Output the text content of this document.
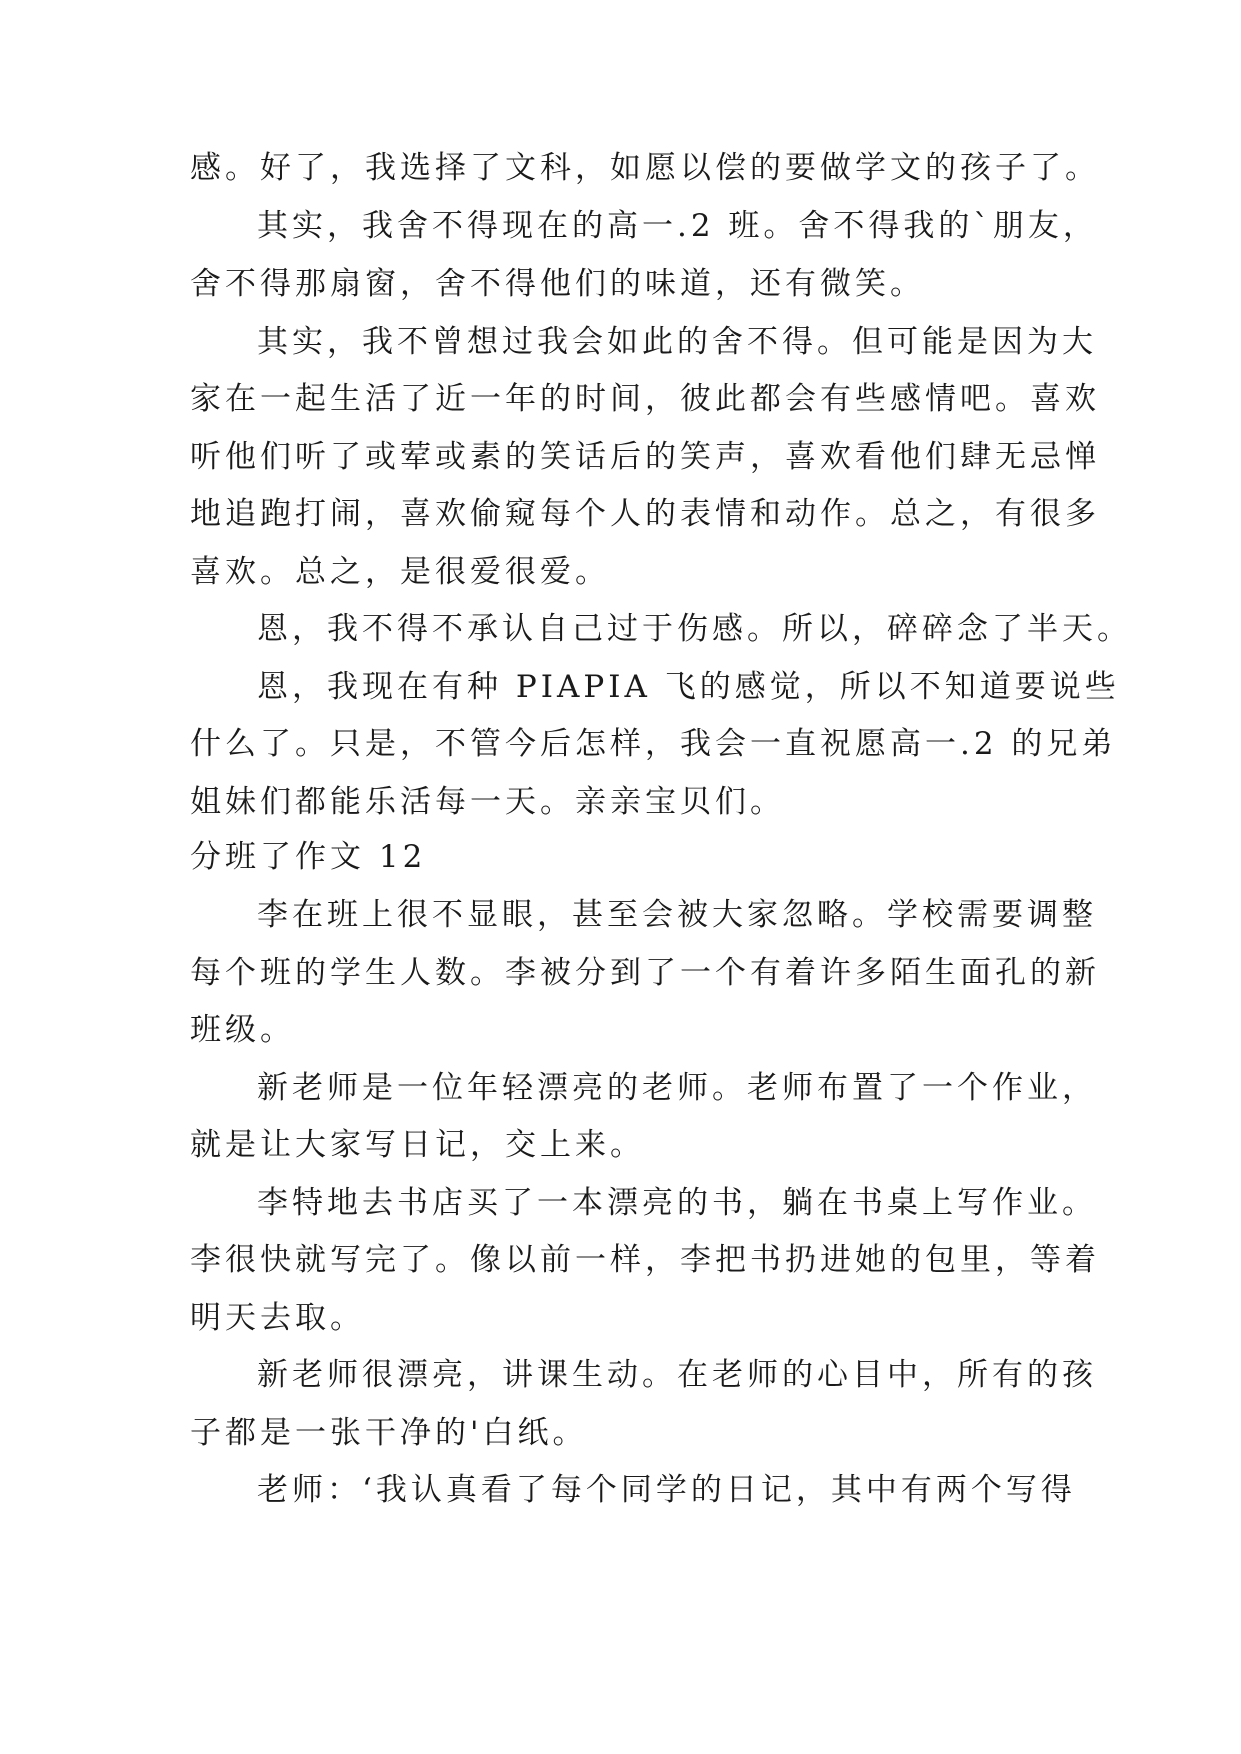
感。好了，我选择了文科，如愿以偿的要做学文的孩子了。
其实，我舍不得现在的高一.2 班。舍不得我的`朋友，
舍不得那扇窗，舍不得他们的味道，还有微笑。
其实，我不曾想过我会如此的舍不得。但可能是因为大
家在一起生活了近一年的时间，彼此都会有些感情吧。喜欢
听他们听了或荤或素的笑话后的笑声，喜欢看他们肆无忌惮
地追跑打闹，喜欢偷窥每个人的表情和动作。总之，有很多
喜欢。总之，是很爱很爱。
恩，我不得不承认自己过于伤感。所以，碎碎念了半天。
恩，我现在有种 PIAPIA 飞的感觉，所以不知道要说些
什么了。只是，不管今后怎样，我会一直祝愿高一.2 的兄弟
姐妹们都能乐活每一天。亲亲宝贝们。
分班了作文 12
李在班上很不显眼，甚至会被大家忽略。学校需要调整
每个班的学生人数。李被分到了一个有着许多陌生面孔的新
班级。
新老师是一位年轻漂亮的老师。老师布置了一个作业，
就是让大家写日记，交上来。
李特地去书店买了一本漂亮的书，躺在书桌上写作业。
李很快就写完了。像以前一样，李把书扔进她的包里，等着
明天去取。
新老师很漂亮，讲课生动。在老师的心目中，所有的孩
子都是一张干净的'白纸。
老师：‘我认真看了每个同学的日记，其中有两个写得
